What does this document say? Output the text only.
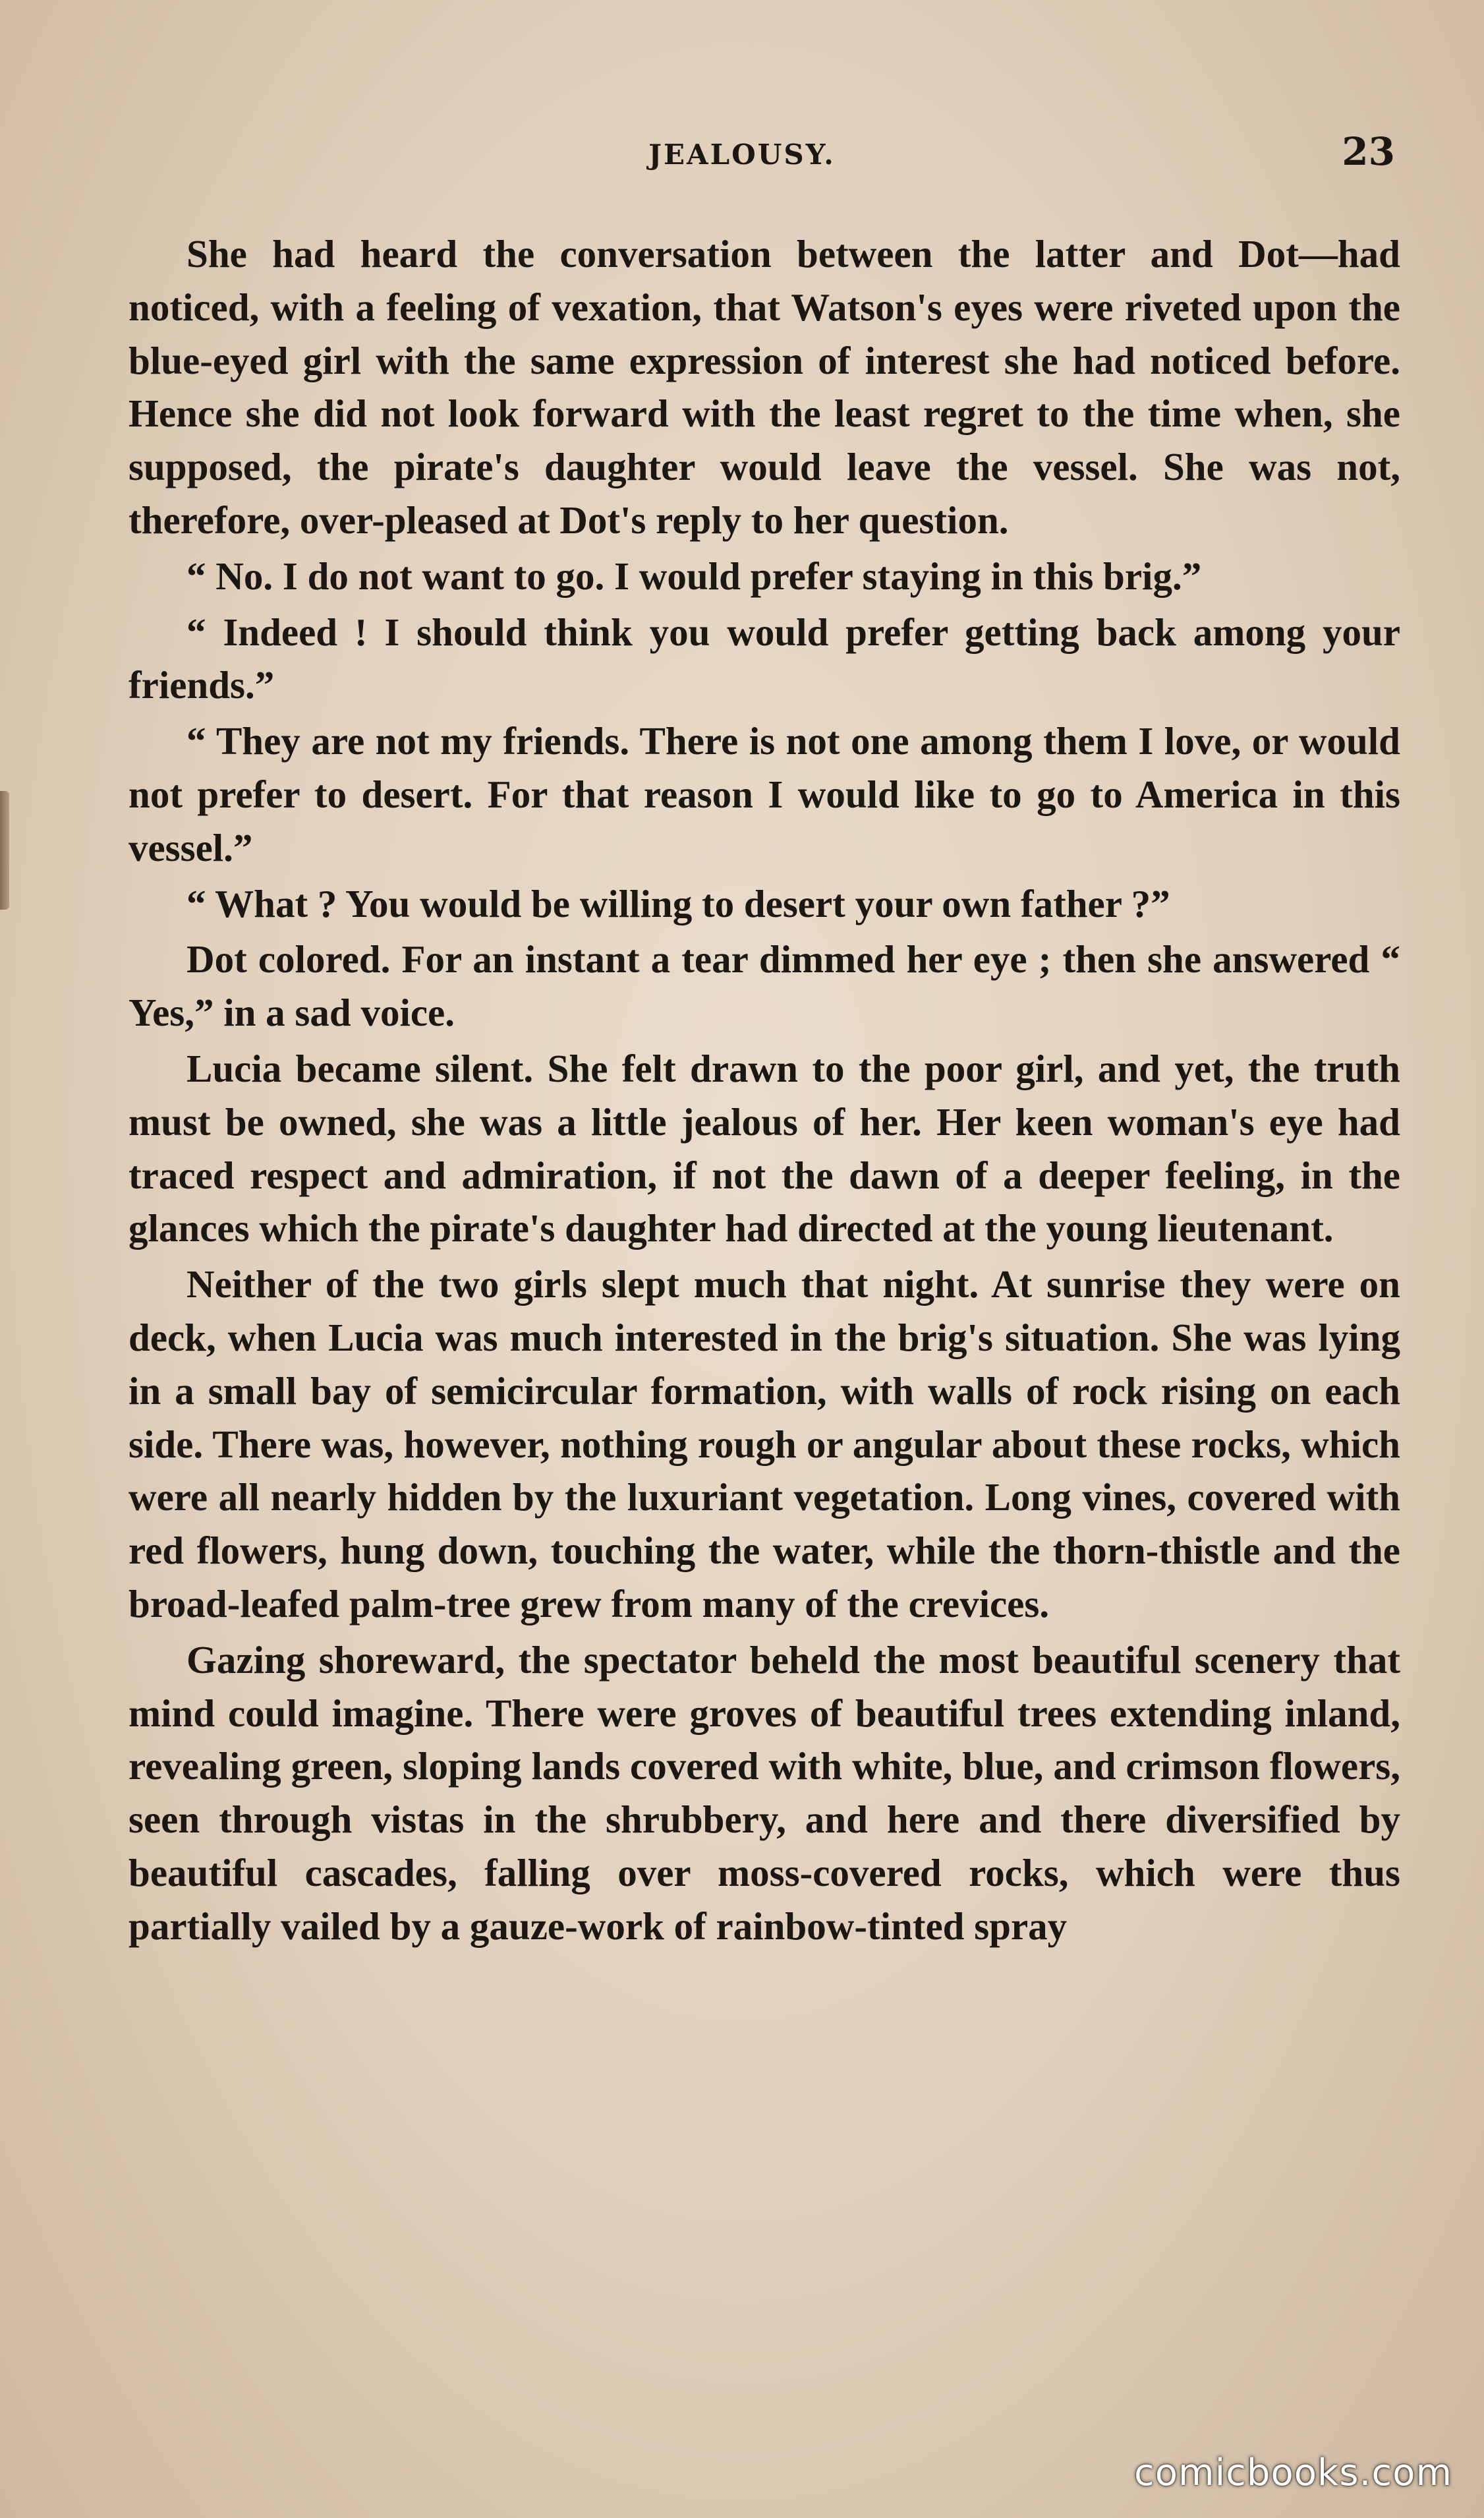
JEALOUSY.	23

She had heard the conversation between the latter and Dot—had noticed, with a feeling of vexation, that Watson's eyes were riveted upon the blue-eyed girl with the same expression of interest she had noticed before. Hence she did not look forward with the least regret to the time when, she supposed, the pirate's daughter would leave the vessel. She was not, therefore, over-pleased at Dot's reply to her question.

“ No. I do not want to go. I would prefer staying in this brig.”

“ Indeed ! I should think you would prefer getting back among your friends.”

“ They are not my friends. There is not one among them I love, or would not prefer to desert. For that reason I would like to go to America in this vessel.”

“ What ? You would be willing to desert your own father ?”

Dot colored. For an instant a tear dimmed her eye ; then she answered “ Yes,” in a sad voice.

Lucia became silent. She felt drawn to the poor girl, and yet, the truth must be owned, she was a little jealous of her. Her keen woman's eye had traced respect and admiration, if not the dawn of a deeper feeling, in the glances which the pirate's daughter had directed at the young lieutenant.

Neither of the two girls slept much that night. At sunrise they were on deck, when Lucia was much interested in the brig's situation. She was lying in a small bay of semicircular formation, with walls of rock rising on each side. There was, however, nothing rough or angular about these rocks, which were all nearly hidden by the luxuriant vegetation. Long vines, covered with red flowers, hung down, touching the water, while the thorn-thistle and the broad-leafed palm-tree grew from many of the crevices.

Gazing shoreward, the spectator beheld the most beautiful scenery that mind could imagine. There were groves of beautiful trees extending inland, revealing green, sloping lands covered with white, blue, and crimson flowers, seen through vistas in the shrubbery, and here and there diversified by beautiful cascades, falling over moss-covered rocks, which were thus partially vailed by a gauze-work of rainbow-tinted spray

comicbooks.com
